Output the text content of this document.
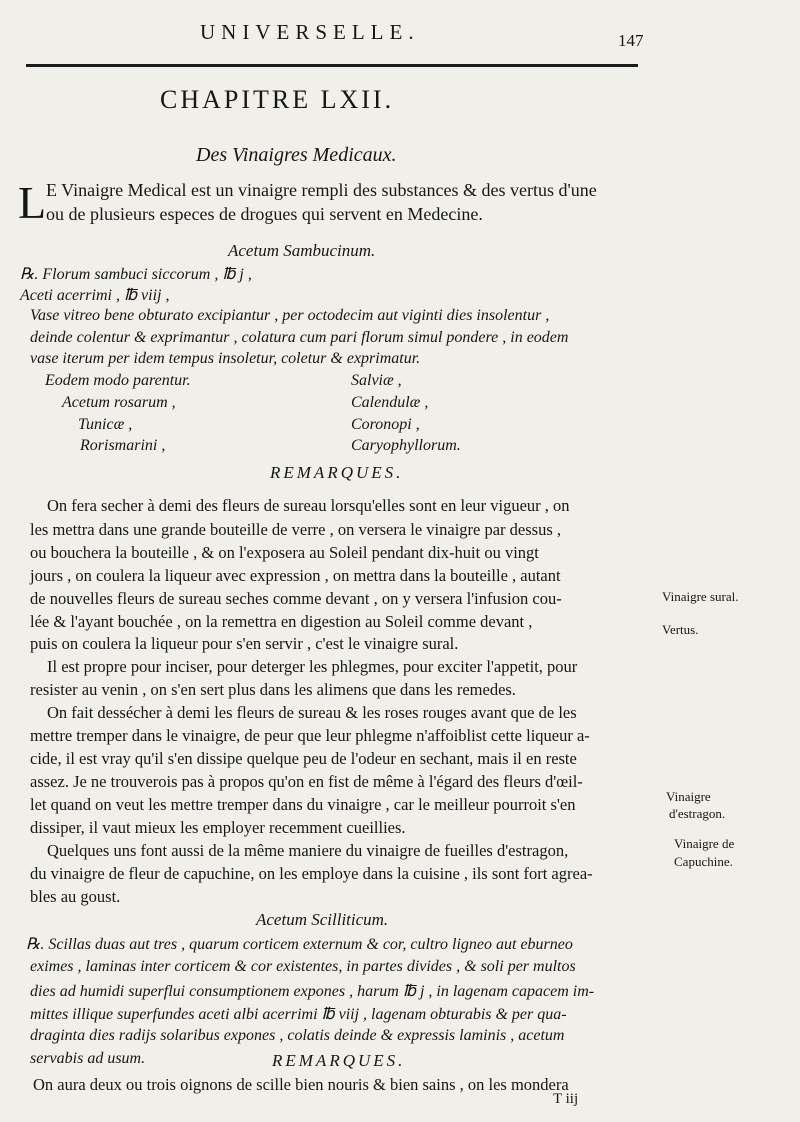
UNIVERSELLE.	147
CHAPITRE LXII.
Des Vinaigres Medicaux.
L E Vinaigre Medical est un vinaigre rempli des substances & des vertus d'une
ou de plusieurs especes de drogues qui servent en Medecine.
Acetum Sambucinum.
℞. Florum sambuci siccorum , ℔ j ,
Aceti acerrimi , ℔ viij ,
Vase vitreo bene obturato excipiantur , per octodecim aut viginti dies insolentur ,
deinde colentur & exprimantur , colatura cum pari florum simul pondere , in eodem
vase iterum per idem tempus insoletur, coletur & exprimatur.
Eodem modo parentur.
Acetum rosarum ,
Tunicæ ,
Rorismarini ,
Salviæ ,
Calendulæ ,
Coronopi ,
Caryophyllorum.
REMARQUES.
On fera secher à demi des fleurs de sureau lorsqu'elles sont en leur vigueur , on
les mettra dans une grande bouteille de verre , on versera le vinaigre par dessus ,
ou bouchera la bouteille , & on l'exposera au Soleil pendant dix-huit ou vingt
jours , on coulera la liqueur avec expression , on mettra dans la bouteille , autant
de nouvelles fleurs de sureau seches comme devant , on y versera l'infusion cou-
lée & l'ayant bouchée , on la remettra en digestion au Soleil comme devant ,
puis on coulera la liqueur pour s'en servir , c'est le vinaigre sural.
Il est propre pour inciser, pour deterger les phlegmes, pour exciter l'appetit, pour
resister au venin , on s'en sert plus dans les alimens que dans les remedes.
On fait dessécher à demi les fleurs de sureau & les roses rouges avant que de les
mettre tremper dans le vinaigre, de peur que leur phlegme n'affoiblist cette liqueur a-
cide, il est vray qu'il s'en dissipe quelque peu de l'odeur en sechant, mais il en reste
assez. Je ne trouverois pas à propos qu'on en fist de même à l'égard des fleurs d'œil-
let quand on veut les mettre tremper dans du vinaigre , car le meilleur pourroit s'en
dissiper, il vaut mieux les employer recemment cueillies.
Quelques uns font aussi de la même maniere du vinaigre de fueilles d'estragon,
du vinaigre de fleur de capuchine, on les employe dans la cuisine , ils sont fort agrea-
bles au goust.
Acetum Scilliticum.
℞. Scillas duas aut tres , quarum corticem externum & cor, cultro ligneo aut eburneo
eximes , laminas inter corticem & cor existentes, in partes divides , & soli per multos
dies ad humidi superflui consumptionem expones , harum ℔ j , in lagenam capacem im-
mittes illique superfundes aceti albi acerrimi ℔ viij , lagenam obturabis & per qua-
draginta dies radijs solaribus expones , colatis deinde & expressis laminis , acetum
servabis ad usum.	REMARQUES.
On aura deux ou trois oignons de scille bien nouris & bien sains , on les mondera
Vinaigre sural.
Vertus.
Vinaigre
d'estragon.
Vinaigre de
Capuchine.
T iij
